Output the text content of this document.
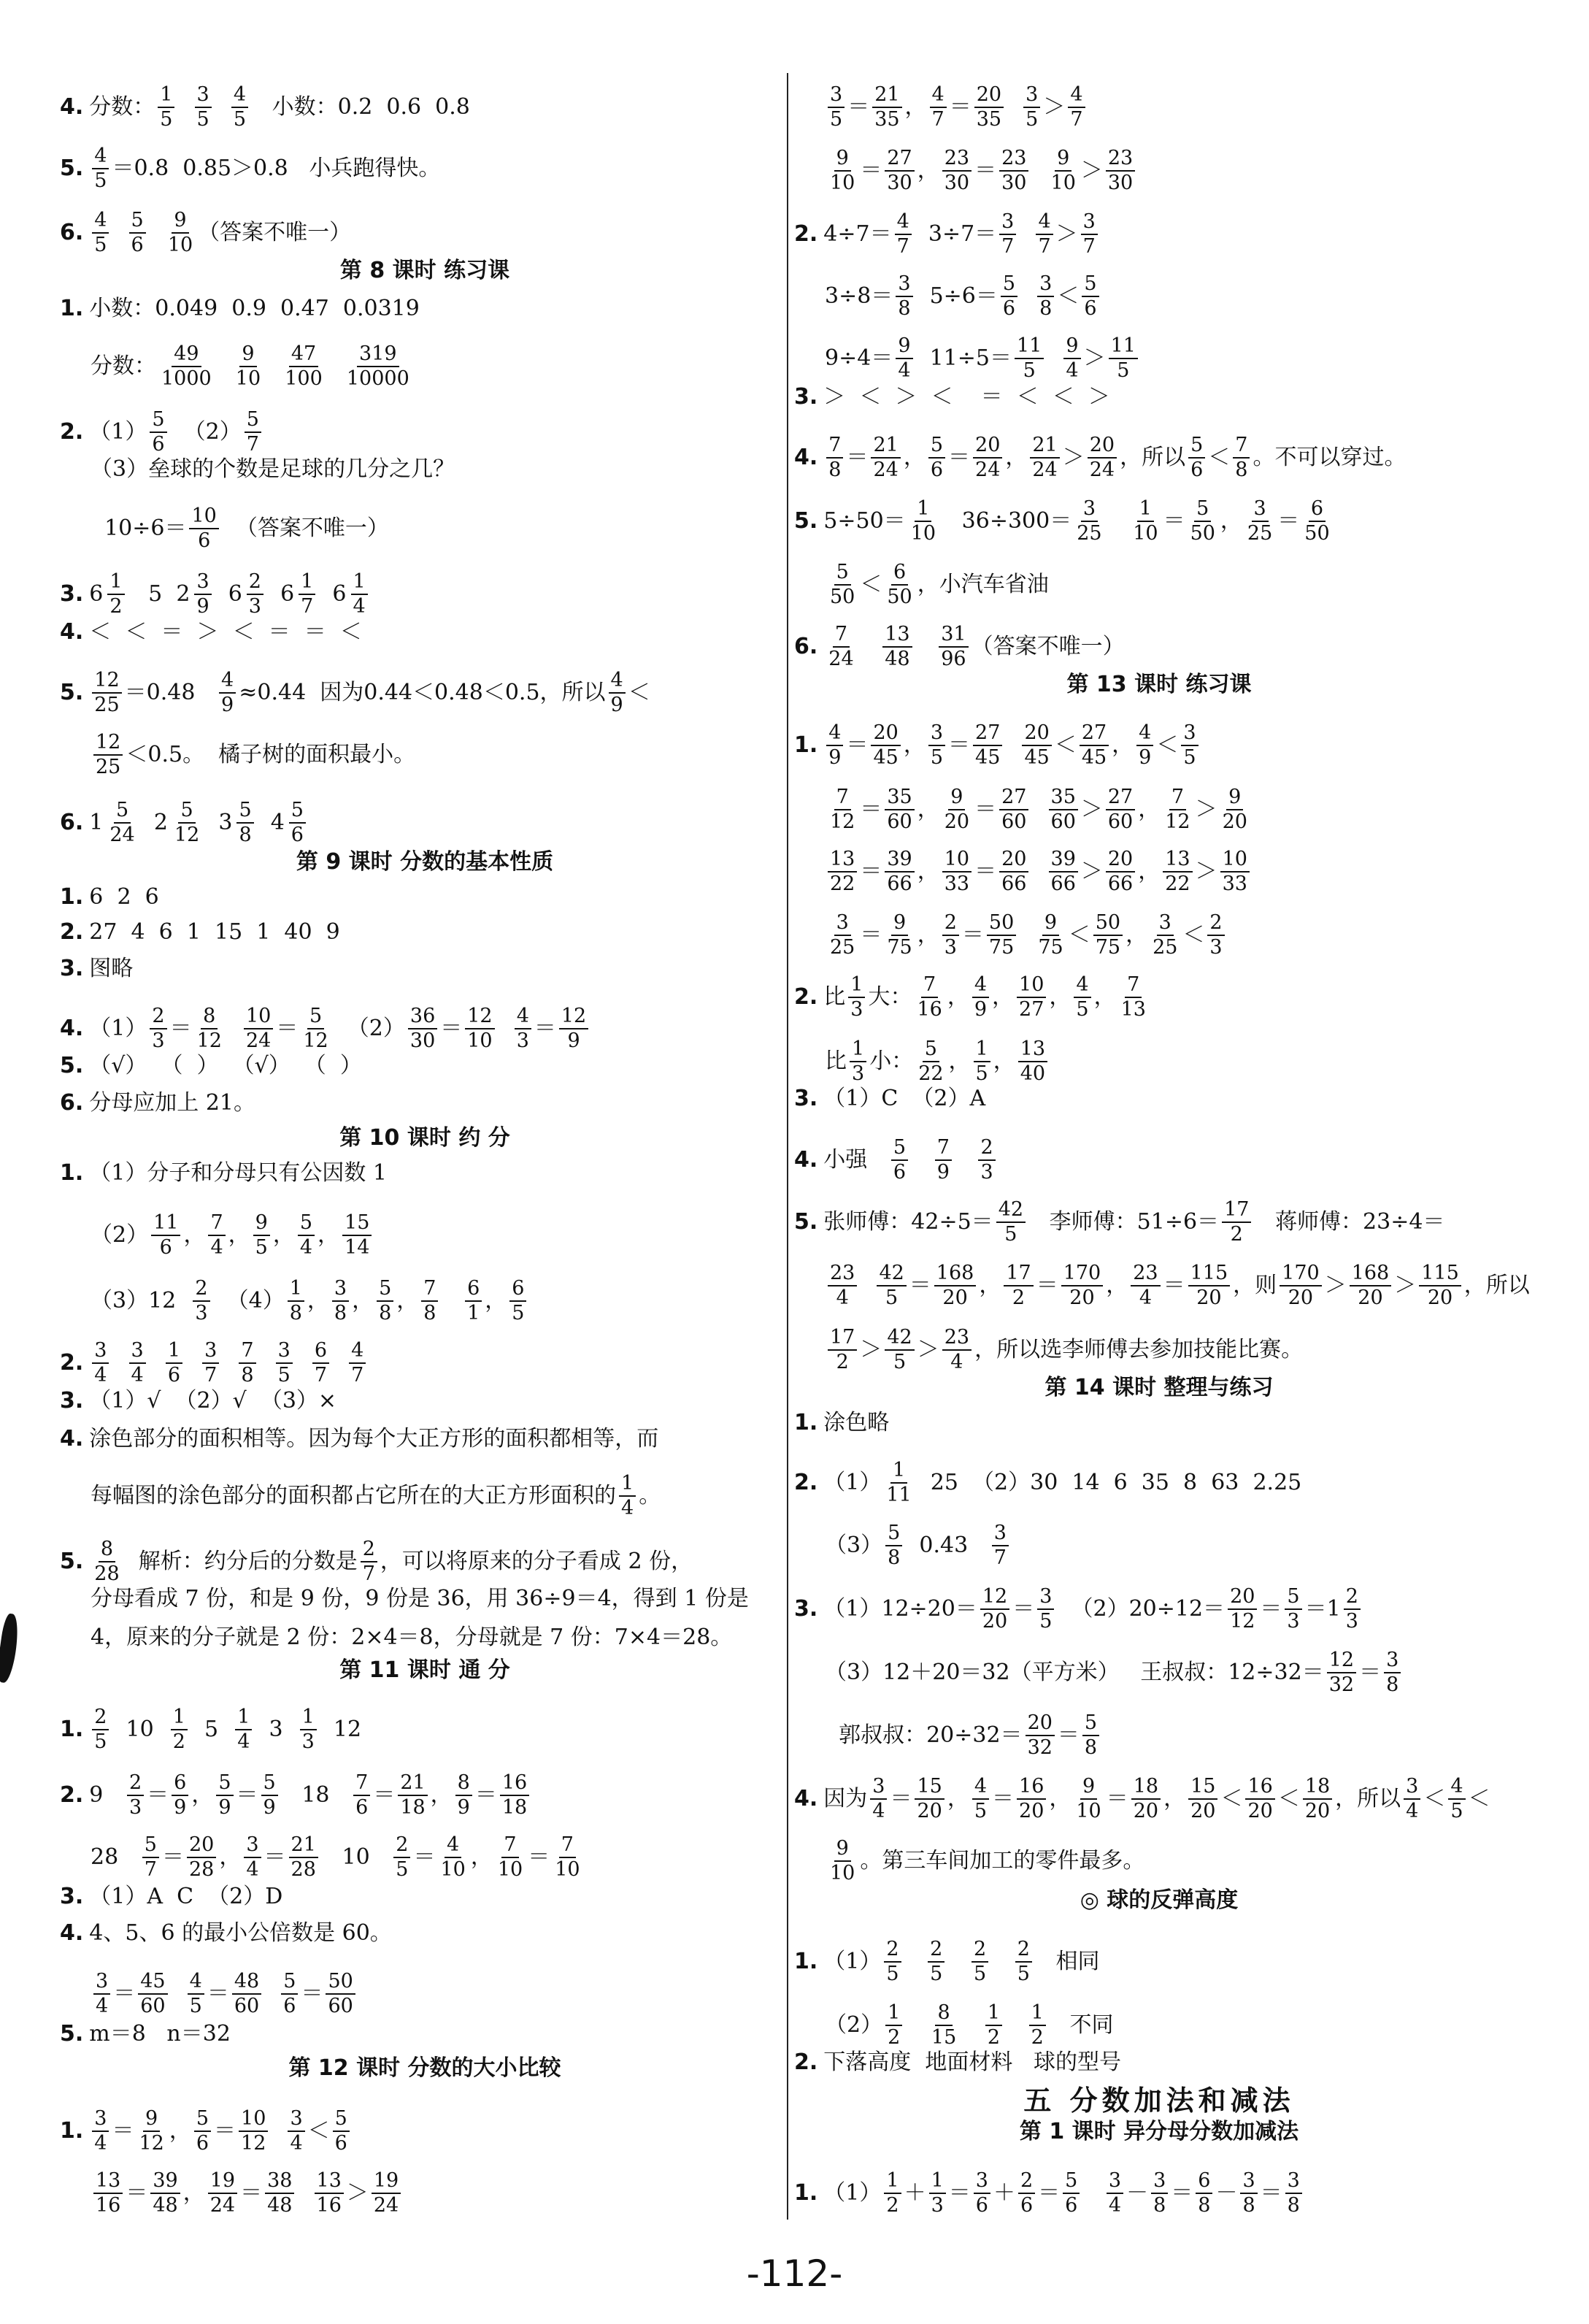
4. 分数： $\frac{1}{5}$
$\frac{3}{5}$
$\frac{4}{5}$ 小数：0.2  0.6  0.8
5. $\frac{4}{5} =0.8$  0.85＞0.8   小兵跑得快。
6. $\frac{4}{5}$
$\frac{5}{6}$
$\frac{9}{10}$ （答案不唯一）
第 8 课时 练习课
1. 小数：0.049  0.9  0.47  0.0319
分数： $\frac{49}{1000}$
$\frac{9}{10}$
$\frac{47}{100}$
$\frac{319}{10000}$
2. $(1) \frac{5}{6} (2) \frac{5}{7}$
（3）垒球的个数是足球的几分之几？
$10\div 6= \frac{10}{6}$ （答案不唯一）
3. $6 \frac{1}{2} 5$ $2 \frac{3}{9}$
$6 \frac{2}{3}$
$6 \frac{1}{7}$
$6 \frac{1}{4}$
4. ＜  ＜  ＝  ＞  ＜  ＝  ＝  ＜
5. $\frac{12}{25} =0.48 \frac{4}{9} \approx 0.44$  因为0.44＜0.48＜0.5，所以 $\frac{4}{9}$ ＜
$\frac{12}{25} <0.5$。  橘子树的面积最小。
6. $1 \frac{5}{24}$
$2 \frac{5}{12}$
$3 \frac{5}{8}$
$4 \frac{5}{6}$
第 9 课时 分数的基本性质
1. 6  2  6
2. 27  4  6  1  15  1  40  9
3. 图略
4. $(1) \frac{2}{3} = \frac{8}{12}$
$\frac{10}{24} = \frac{5}{12} (2) \frac{36}{30} = \frac{12}{10}$
$\frac{4}{3} = \frac{12}{9}$
5. （√）  （  ）  （√）  （  ）
6. 分母应加上 21。
第 10 课时 约 分
1. （1）分子和分母只有公因数 1
$(2) \frac{11}{6}$ ， $\frac{7}{4}$ ， $\frac{9}{5}$ ， $\frac{5}{4}$ ， $\frac{15}{14}$
$(3)12 \frac{2}{3} (4) \frac{1}{8}$ ， $\frac{3}{8}$ ， $\frac{5}{8}$ ， $\frac{7}{8}$
$\frac{6}{1}$ ， $\frac{6}{5}$
2. $\frac{3}{4}$
$\frac{3}{4}$
$\frac{1}{6}$
$\frac{3}{7}$
$\frac{7}{8}$
$\frac{3}{5}$
$\frac{6}{7}$
$\frac{4}{7}$
3. （1）√  （2）√  （3）×
4. 涂色部分的面积相等。因为每个大正方形的面积都相等，而
每幅图的涂色部分的面积都占它所在的大正方形面积的 $\frac{1}{4}$ 。
5. $\frac{8}{28}$ 解析：约分后的分数是 $\frac{2}{7}$ ，可以将原来的分子看成 2 份，
分母看成 7 份，和是 9 份，9 份是 36，用 36÷9＝4，得到 1 份是
4，原来的分子就是 2 份：2×4＝8，分母就是 7 份：7×4＝28。
第 11 课时 通 分
1. $\frac{2}{5} 10 \frac{1}{2} 5 \frac{1}{4} 3 \frac{1}{3} 12$
2. $9 \frac{2}{3} = \frac{6}{9}$ ， $\frac{5}{9} = \frac{5}{9} 18 \frac{7}{6} = \frac{21}{18}$ ， $\frac{8}{9} = \frac{16}{18}$
$28 \frac{5}{7} = \frac{20}{28}$ ， $\frac{3}{4} = \frac{21}{28} 10 \frac{2}{5} = \frac{4}{10}$ ， $\frac{7}{10} = \frac{7}{10}$
3. （1）A  C  （2）D
4. 4、5、6 的最小公倍数是 60。
$\frac{3}{4} = \frac{45}{60}$
$\frac{4}{5} = \frac{48}{60}$
$\frac{5}{6} = \frac{50}{60}$
5. m＝8   n＝32
第 12 课时 分数的大小比较
1. $\frac{3}{4} = \frac{9}{12}$ ， $\frac{5}{6} = \frac{10}{12}$
$\frac{3}{4} < \frac{5}{6}$
$\frac{13}{16} = \frac{39}{48}$ ， $\frac{19}{24} = \frac{38}{48}$
$\frac{13}{16} > \frac{19}{24}$
$\frac{3}{5} = \frac{21}{35}$ ， $\frac{4}{7} = \frac{20}{35}$
$\frac{3}{5} > \frac{4}{7}$
$\frac{9}{10} = \frac{27}{30}$ ， $\frac{23}{30} = \frac{23}{30}$
$\frac{9}{10} > \frac{23}{30}$
2. $4\div 7= \frac{4}{7} 3\div 7= \frac{3}{7}$
$\frac{4}{7} > \frac{3}{7}$
$3\div 8= \frac{3}{8} 5\div 6= \frac{5}{6}$
$\frac{3}{8} < \frac{5}{6}$
$9\div 4= \frac{9}{4} 11\div 5= \frac{11}{5}$
$\frac{9}{4} > \frac{11}{5}$
3. ＞  ＜  ＞  ＜    ＝  ＜  ＜  ＞
4. $\frac{7}{8} = \frac{21}{24}$ ， $\frac{5}{6} = \frac{20}{24}$ ， $\frac{21}{24} > \frac{20}{24}$ ，所以 $\frac{5}{6} < \frac{7}{8}$ 。不可以穿过。
5. $5\div 50= \frac{1}{10} 36\div 300= \frac{3}{25}$
$\frac{1}{10} = \frac{5}{50}$ ， $\frac{3}{25} = \frac{6}{50}$
$\frac{5}{50} < \frac{6}{50}$ ，小汽车省油
6. $\frac{7}{24}$
$\frac{13}{48}$
$\frac{31}{96}$ （答案不唯一）
第 13 课时 练习课
1. $\frac{4}{9} = \frac{20}{45}$ ， $\frac{3}{5} = \frac{27}{45}$
$\frac{20}{45} < \frac{27}{45}$ ， $\frac{4}{9} < \frac{3}{5}$
$\frac{7}{12} = \frac{35}{60}$ ， $\frac{9}{20} = \frac{27}{60}$
$\frac{35}{60} > \frac{27}{60}$ ， $\frac{7}{12} > \frac{9}{20}$
$\frac{13}{22} = \frac{39}{66}$ ， $\frac{10}{33} = \frac{20}{66}$
$\frac{39}{66} > \frac{20}{66}$ ， $\frac{13}{22} > \frac{10}{33}$
$\frac{3}{25} = \frac{9}{75}$ ， $\frac{2}{3} = \frac{50}{75}$
$\frac{9}{75} < \frac{50}{75}$ ， $\frac{3}{25} < \frac{2}{3}$
2. 比 $\frac{1}{3}$ 大： $\frac{7}{16}$ ， $\frac{4}{9}$ ， $\frac{10}{27}$ ， $\frac{4}{5}$ ， $\frac{7}{13}$
比 $\frac{1}{3}$ 小： $\frac{5}{22}$ ， $\frac{1}{5}$ ， $\frac{13}{40}$
3. （1）C  （2）A
4. 小强 $\frac{5}{6}$
$\frac{7}{9}$
$\frac{2}{3}$
5. 张师傅：$42\div 5= \frac{42}{5}$ 李师傅：$51\div 6= \frac{17}{2}$ 蒋师傅：23÷4＝
$\frac{23}{4}$
$\frac{42}{5} = \frac{168}{20}$ ， $\frac{17}{2} = \frac{170}{20}$ ， $\frac{23}{4} = \frac{115}{20}$ ，则 $\frac{170}{20} > \frac{168}{20} > \frac{115}{20}$ ，所以
$\frac{17}{2} > \frac{42}{5} > \frac{23}{4}$ ，所以选李师傅去参加技能比赛。
第 14 课时 整理与练习
1. 涂色略
2. $(1) \frac{1}{11} 25$  （2）30  14  6  35  8  63  2.25
$(3) \frac{5}{8} 0.43 \frac{3}{7}$
3. $(1)12\div 20= \frac{12}{20} = \frac{3}{5} (2)20\div 12= \frac{20}{12} = \frac{5}{3} =1 \frac{2}{3}$
（3）12＋20＝32（平方米）   王叔叔：$12\div 32= \frac{12}{32} = \frac{3}{8}$
郭叔叔：$20\div 32= \frac{20}{32} = \frac{5}{8}$
4. 因为 $\frac{3}{4} = \frac{15}{20}$ ， $\frac{4}{5} = \frac{16}{20}$ ， $\frac{9}{10} = \frac{18}{20}$ ， $\frac{15}{20} < \frac{16}{20} < \frac{18}{20}$ ，所以 $\frac{3}{4} < \frac{4}{5}$ ＜
$\frac{9}{10}$ 。第三车间加工的零件最多。
◎ 球的反弹高度
1. $(1) \frac{2}{5}$
$\frac{2}{5}$
$\frac{2}{5}$
$\frac{2}{5}$ 相同
$(2) \frac{1}{2}$
$\frac{8}{15}$
$\frac{1}{2}$
$\frac{1}{2}$ 不同
2. 下落高度  地面材料   球的型号
五 分数加法和减法
第 1 课时 异分母分数加减法
1. $(1) \frac{1}{2} + \frac{1}{3} = \frac{3}{6} + \frac{2}{6} = \frac{5}{6}$
$\frac{3}{4} - \frac{3}{8} = \frac{6}{8} - \frac{3}{8} = \frac{3}{8}$
-112-
